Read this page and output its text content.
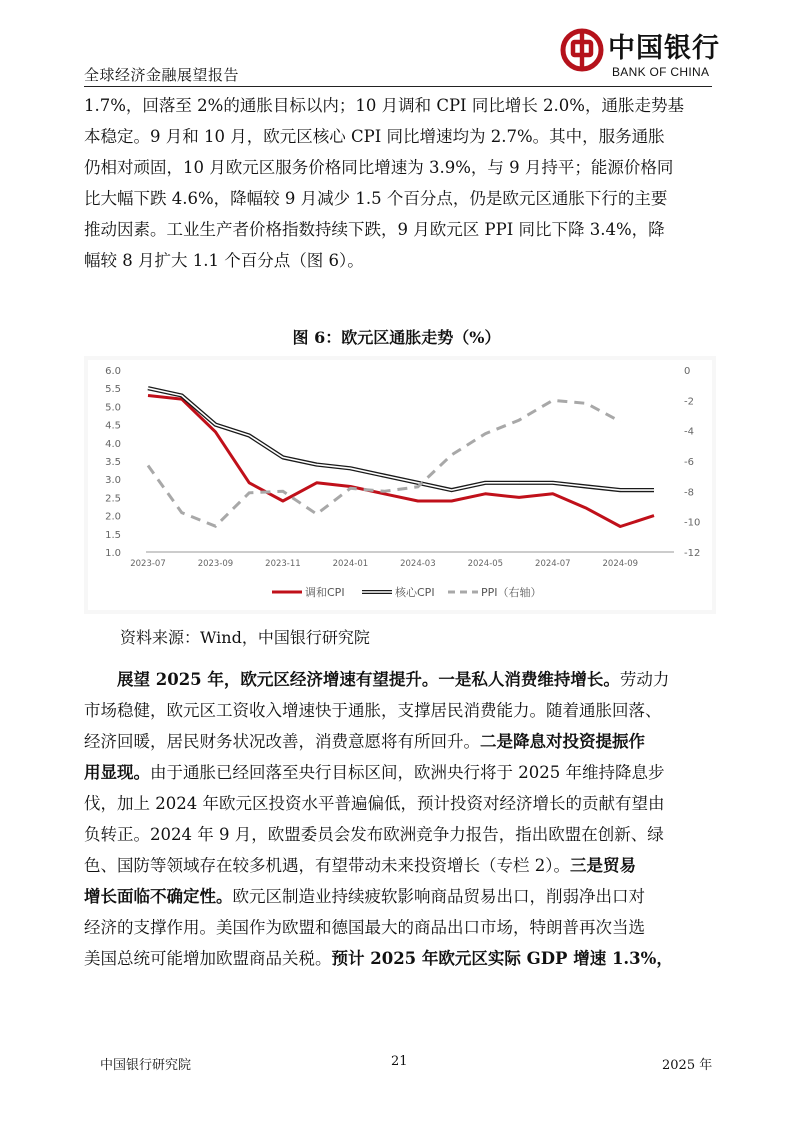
全球经济金融展望报告
中国银行
BANK OF CHINA
1.7%，回落至 2%的通胀目标以内；10 月调和 CPI 同比增长 2.0%，通胀走势基
本稳定。9 月和 10 月，欧元区核心 CPI 同比增速均为 2.7%。其中，服务通胀
仍相对顽固，10 月欧元区服务价格同比增速为 3.9%，与 9 月持平；能源价格同
比大幅下跌 4.6%，降幅较 9 月减少 1.5 个百分点，仍是欧元区通胀下行的主要
推动因素。工业生产者价格指数持续下跌，9 月欧元区 PPI 同比下降 3.4%，降
幅较 8 月扩大 1.1 个百分点（图 6）。
图 6：欧元区通胀走势（%）
1.0
1.5
2.0
2.5
3.0
3.5
4.0
4.5
5.0
5.5
6.0
-12
-10
-8
-6
-4
-2
0
2023-07	2023-09	2023-11	2024-01	2024-03	2024-05	2024-07	2024-09
调和CPI	核心CPI	PPI（右轴）
资料来源：Wind，中国银行研究院
展望 2025 年，欧元区经济增速有望提升。一是私人消费维持增长。劳动力
市场稳健，欧元区工资收入增速快于通胀，支撑居民消费能力。随着通胀回落、
经济回暖，居民财务状况改善，消费意愿将有所回升。二是降息对投资提振作
用显现。由于通胀已经回落至央行目标区间，欧洲央行将于 2025 年维持降息步
伐，加上 2024 年欧元区投资水平普遍偏低，预计投资对经济增长的贡献有望由
负转正。2024 年 9 月，欧盟委员会发布欧洲竞争力报告，指出欧盟在创新、绿
色、国防等领域存在较多机遇，有望带动未来投资增长（专栏 2）。三是贸易
增长面临不确定性。欧元区制造业持续疲软影响商品贸易出口，削弱净出口对
经济的支撑作用。美国作为欧盟和德国最大的商品出口市场，特朗普再次当选
美国总统可能增加欧盟商品关税。预计 2025 年欧元区实际 GDP 增速 1.3%，
中国银行研究院	21	2025 年
